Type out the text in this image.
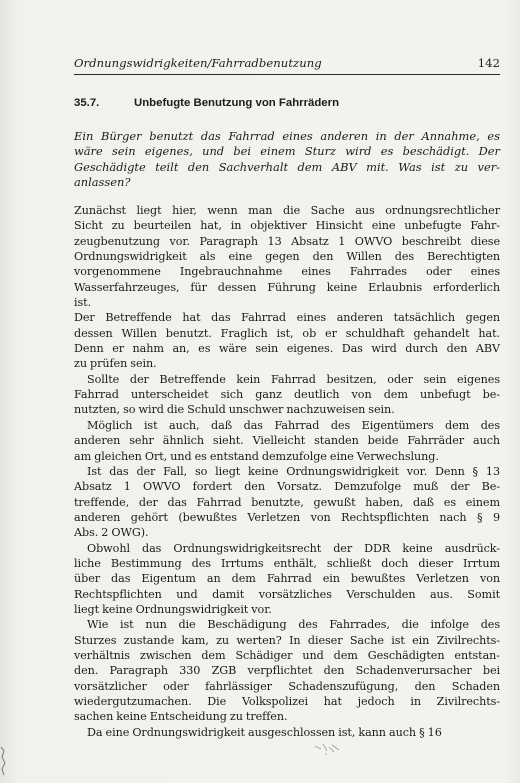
Ordnungswidrigkeiten/Fahrradbenutzung	142
35.7.	Unbefugte Benutzung von Fahrrädern
Ein Bürger benutzt das Fahrrad eines anderen in der Annahme, es
wäre sein eigenes, und bei einem Sturz wird es beschädigt. Der
Geschädigte teilt den Sachverhalt dem ABV mit. Was ist zu ver-
anlassen?
Zunächst liegt hier, wenn man die Sache aus ordnungsrechtlicher
Sicht zu beurteilen hat, in objektiver Hinsicht eine unbefugte Fahr-
zeugbenutzung vor. Paragraph 13 Absatz 1 OWVO beschreibt diese
Ordnungswidrigkeit als eine gegen den Willen des Berechtigten
vorgenommene Ingebrauchnahme eines Fahrrades oder eines
Wasserfahrzeuges, für dessen Führung keine Erlaubnis erforderlich
ist.
Der Betreffende hat das Fahrrad eines anderen tatsächlich gegen
dessen Willen benutzt. Fraglich ist, ob er schuldhaft gehandelt hat.
Denn er nahm an, es wäre sein eigenes. Das wird durch den ABV
zu prüfen sein.
Sollte der Betreffende kein Fahrrad besitzen, oder sein eigenes
Fahrrad unterscheidet sich ganz deutlich von dem unbefugt be-
nutzten, so wird die Schuld unschwer nachzuweisen sein.
Möglich ist auch, daß das Fahrrad des Eigentümers dem des
anderen sehr ähnlich sieht. Vielleicht standen beide Fahrräder auch
am gleichen Ort, und es entstand demzufolge eine Verwechslung.
Ist das der Fall, so liegt keine Ordnungswidrigkeit vor. Denn § 13
Absatz 1 OWVO fordert den Vorsatz. Demzufolge muß der Be-
treffende, der das Fahrrad benutzte, gewußt haben, daß es einem
anderen gehört (bewußtes Verletzen von Rechtspflichten nach § 9
Abs. 2 OWG).
Obwohl das Ordnungswidrigkeitsrecht der DDR keine ausdrück-
liche Bestimmung des Irrtums enthält, schließt doch dieser Irrtum
über das Eigentum an dem Fahrrad ein bewußtes Verletzen von
Rechtspflichten und damit vorsätzliches Verschulden aus. Somit
liegt keine Ordnungswidrigkeit vor.
Wie ist nun die Beschädigung des Fahrrades, die infolge des
Sturzes zustande kam, zu werten? In dieser Sache ist ein Zivilrechts-
verhältnis zwischen dem Schädiger und dem Geschädigten entstan-
den. Paragraph 330 ZGB verpflichtet den Schadenverursacher bei
vorsätzlicher oder fahrlässiger Schadenszufügung, den Schaden
wiedergutzumachen. Die Volkspolizei hat jedoch in Zivilrechts-
sachen keine Entscheidung zu treffen.
Da eine Ordnungswidrigkeit ausgeschlossen ist, kann auch § 16
